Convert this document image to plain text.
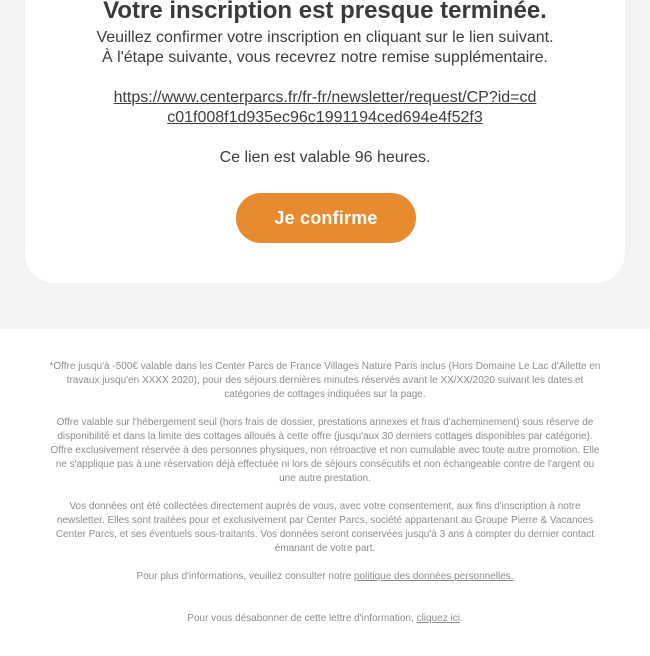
Votre inscription est presque terminée.
Veuillez confirmer votre inscription en cliquant sur le lien suivant.
À l'étape suivante, vous recevrez notre remise supplémentaire.
https://www.centerparcs.fr/fr-fr/newsletter/request/CP?id=cd
c01f008f1d935ec96c1991194ced694e4f52f3
Ce lien est valable 96 heures.
Je confirme

*Offre jusqu'à -500€ valable dans les Center Parcs de France Villages Nature Paris inclus (Hors Domaine Le Lac d'Ailette en travaux jusqu'en XXXX 2020), pour des séjours dernières minutes réservés avant le XX/XX/2020 suivant les dates et catégories de cottages indiquées sur la page.

Offre valable sur l'hébergement seul (hors frais de dossier, prestations annexes et frais d'acheminement) sous réserve de disponibilité et dans la limite des cottages alloués à cette offre (jusqu'aux 30 derniers cottages disponibles par catégorie). Offre exclusivement réservée à des personnes physiques, non rétroactive et non cumulable avec toute autre promotion. Elle ne s'applique pas à une réservation déjà effectuée ni lors de séjours consécutifs et non échangeable contre de l'argent ou une autre prestation.

Vos données ont été collectées directement auprès de vous, avec votre consentement, aux fins d'inscription à notre newsletter. Elles sont traitées pour et exclusivement par Center Parcs, société appartenant au Groupe Pierre & Vacances Center Parcs, et ses éventuels sous-traitants. Vos données seront conservées jusqu'à 3 ans à compter du dernier contact émanant de votre part.

Pour plus d'informations, veuillez consulter notre politique des données personnelles.

Pour vous désabonner de cette lettre d'information, cliquez ici.
